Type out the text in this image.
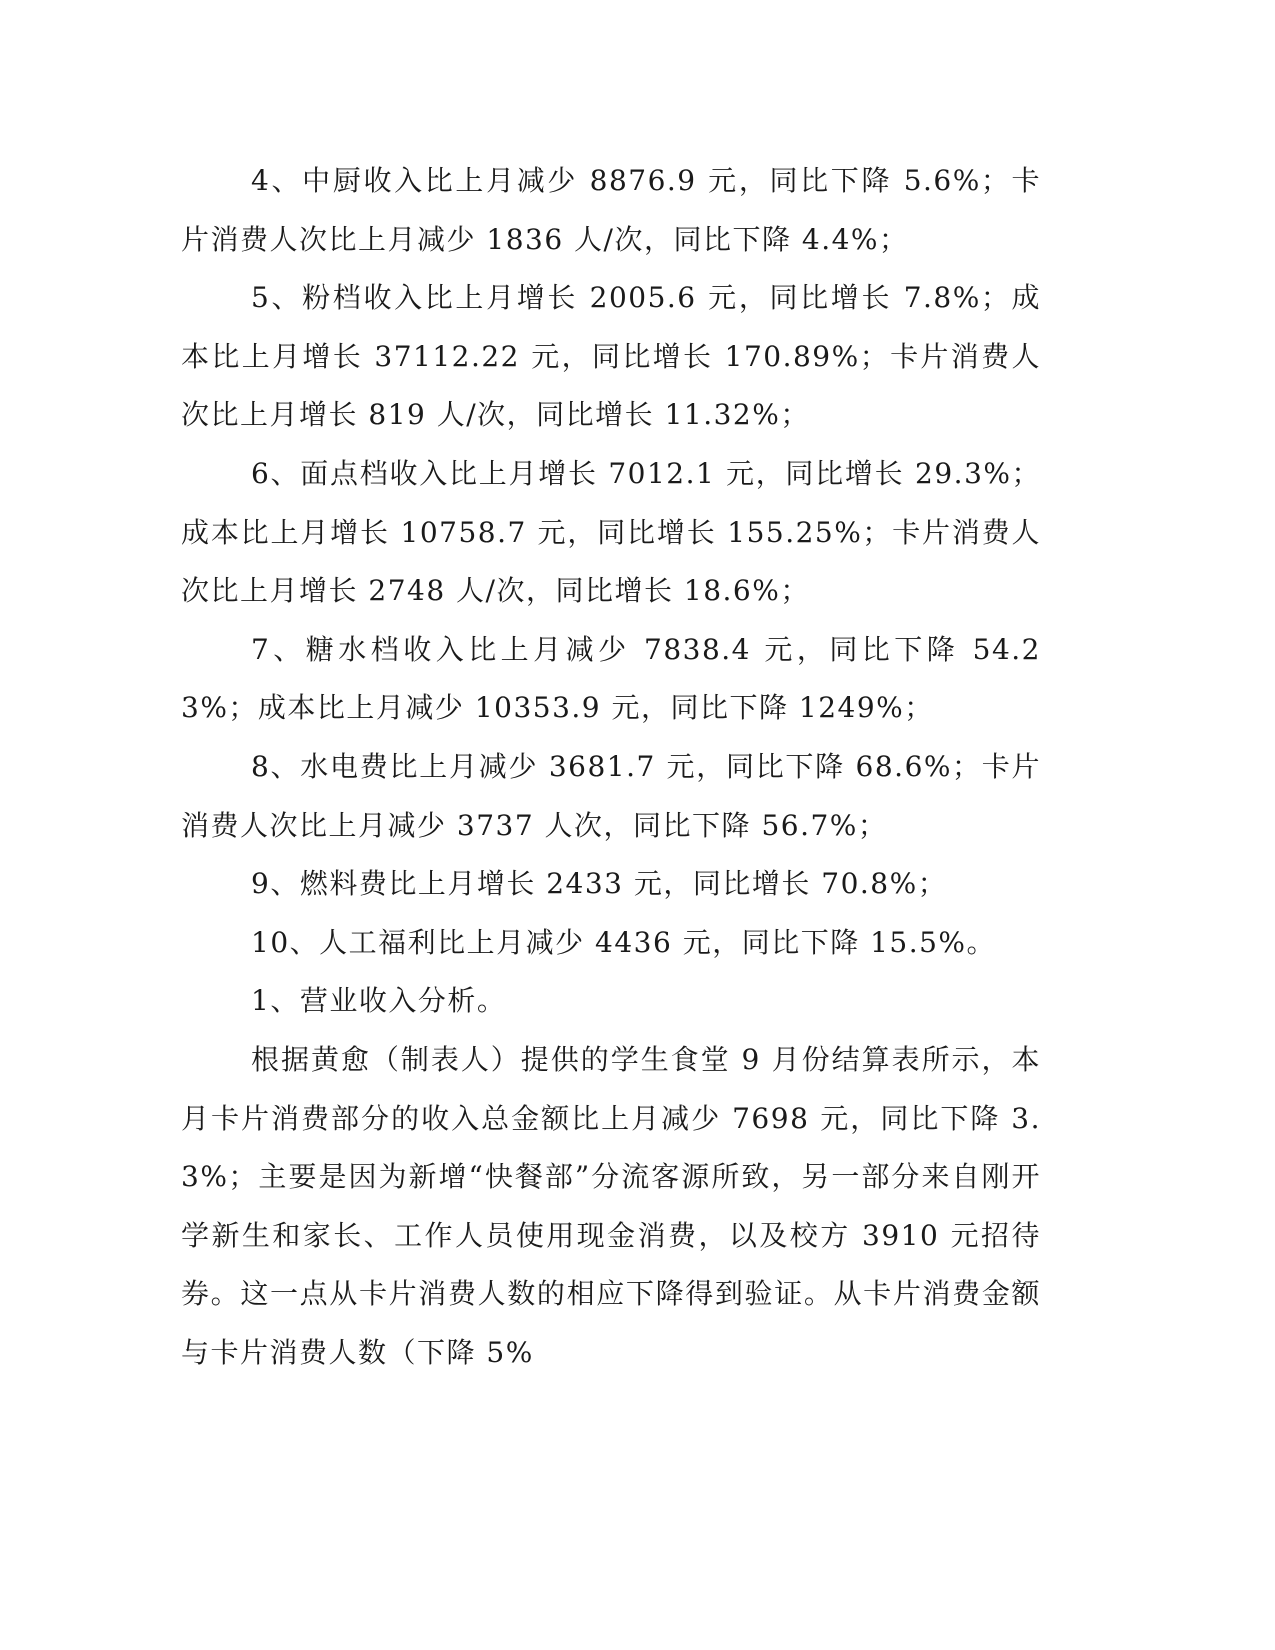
4、中厨收入比上月减少 8876.9 元，同比下降 5.6%；卡片消费人次比上月减少 1836 人/次，同比下降 4.4%；

5、粉档收入比上月增长 2005.6 元，同比增长 7.8%；成本比上月增长 37112.22 元，同比增长 170.89%；卡片消费人次比上月增长 819 人/次，同比增长 11.32%；

6、面点档收入比上月增长 7012.1 元，同比增长 29.3%；成本比上月增长 10758.7 元，同比增长 155.25%；卡片消费人次比上月增长 2748 人/次，同比增长 18.6%；

7、糖水档收入比上月减少 7838.4 元，同比下降 54.23%；成本比上月减少 10353.9 元，同比下降 1249%；

8、水电费比上月减少 3681.7 元，同比下降 68.6%；卡片消费人次比上月减少 3737 人次，同比下降 56.7%；

9、燃料费比上月增长 2433 元，同比增长 70.8%；

10、人工福利比上月减少 4436 元，同比下降 15.5%。

1、营业收入分析。

根据黄愈（制表人）提供的学生食堂 9 月份结算表所示，本月卡片消费部分的收入总金额比上月减少 7698 元，同比下降 3.3%；主要是因为新增“快餐部”分流客源所致，另一部分来自刚开学新生和家长、工作人员使用现金消费，以及校方 3910 元招待券。这一点从卡片消费人数的相应下降得到验证。从卡片消费金额与卡片消费人数（下降 5%
